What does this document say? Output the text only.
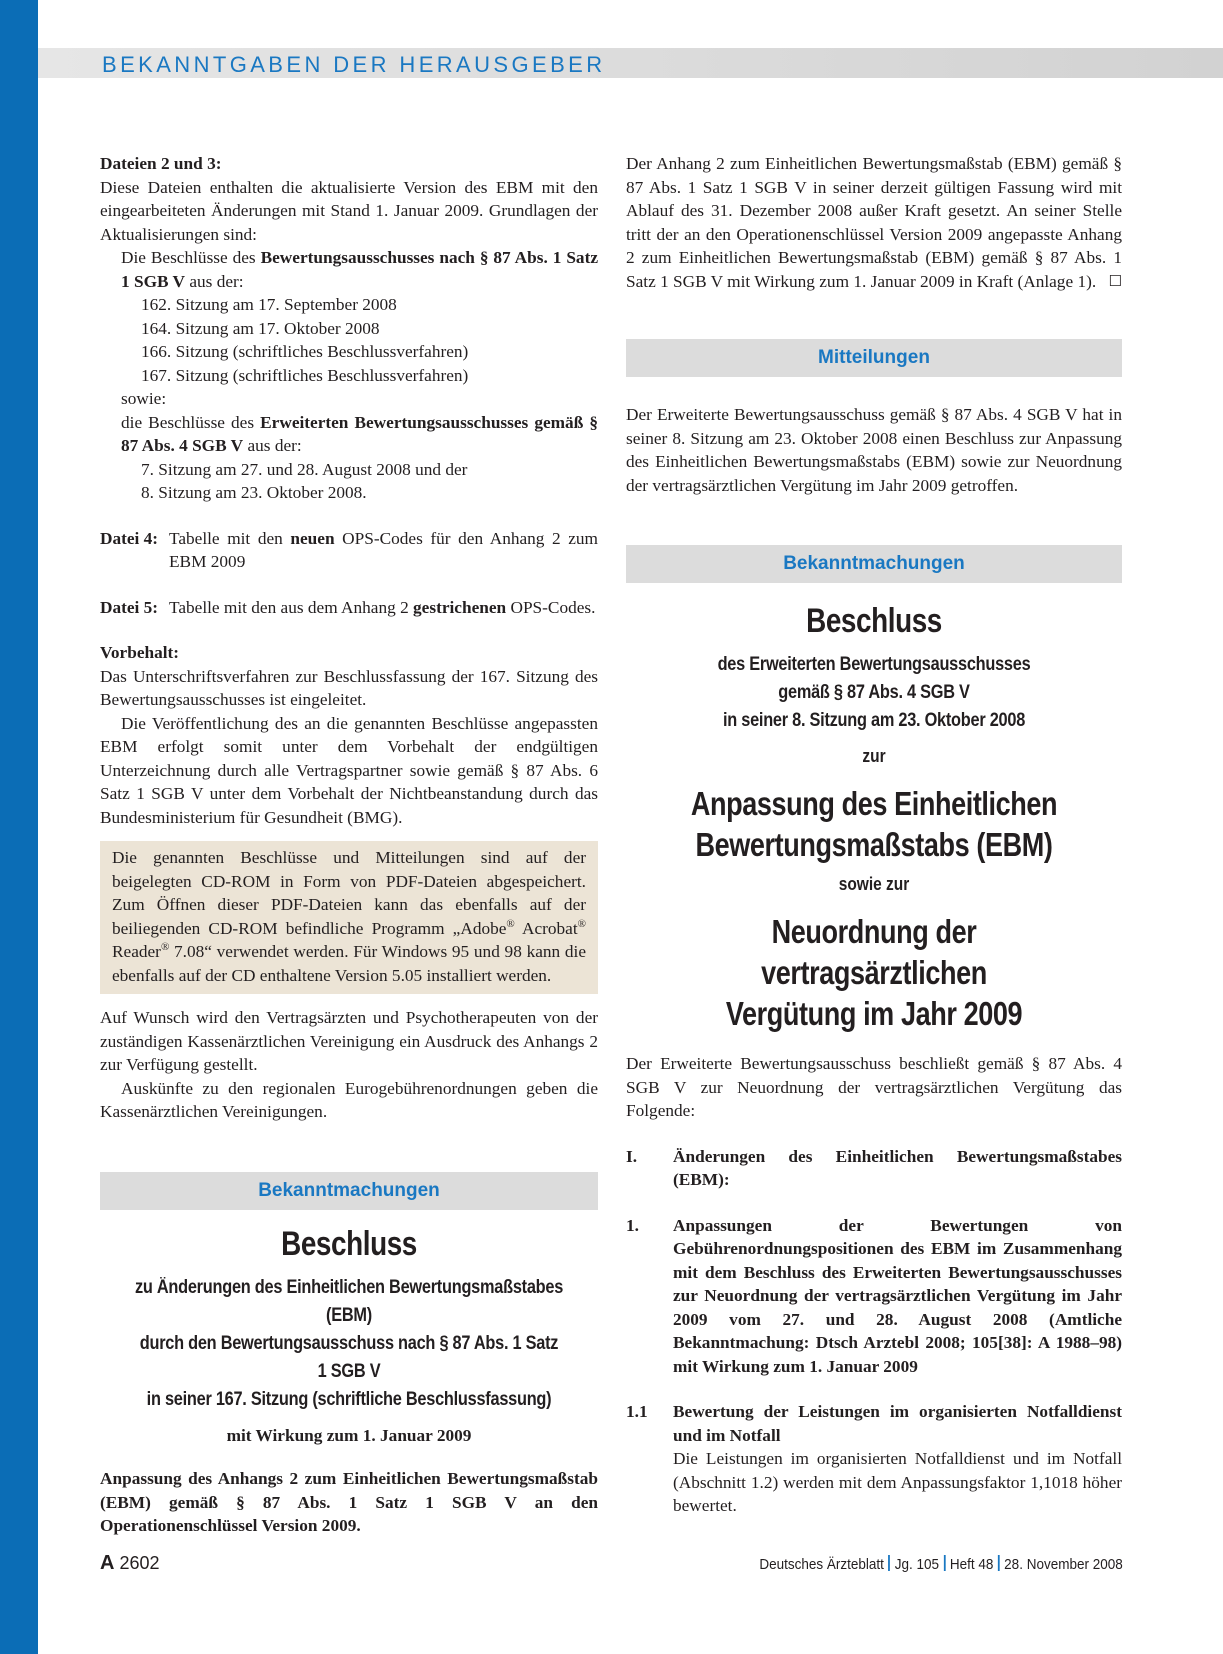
BEKANNTGABEN DER HERAUSGEBER

Dateien 2 und 3:

Diese Dateien enthalten die aktualisierte Version des EBM mit den eingearbeiteten Änderungen mit Stand 1. Januar 2009. Grundlagen der Aktualisierungen sind:

Die Beschlüsse des Bewertungsausschusses nach § 87 Abs. 1 Satz 1 SGB V aus der:

162. Sitzung am 17. September 2008

164. Sitzung am 17. Oktober 2008

166. Sitzung (schriftliches Beschlussverfahren)

167. Sitzung (schriftliches Beschlussverfahren)

sowie:

die Beschlüsse des Erweiterten Bewertungsausschusses gemäß § 87 Abs. 4 SGB V aus der:

7. Sitzung am 27. und 28. August 2008 und der

8. Sitzung am 23. Oktober 2008.

Datei 4: Tabelle mit den neuen OPS-Codes für den Anhang 2 zum EBM 2009
Datei 5: Tabelle mit den aus dem Anhang 2 gestrichenen OPS-Codes.

Vorbehalt:

Das Unterschriftsverfahren zur Beschlussfassung der 167. Sitzung des Bewertungsausschusses ist eingeleitet.

Die Veröffentlichung des an die genannten Beschlüsse angepassten EBM erfolgt somit unter dem Vorbehalt der endgültigen Unterzeichnung durch alle Vertragspartner sowie gemäß § 87 Abs. 6 Satz 1 SGB V unter dem Vorbehalt der Nichtbeanstandung durch das Bundesministerium für Gesundheit (BMG).

Die genannten Beschlüsse und Mitteilungen sind auf der beigelegten CD-ROM in Form von PDF-Dateien abgespeichert. Zum Öffnen dieser PDF-Dateien kann das ebenfalls auf der beiliegenden CD-ROM befindliche Programm „Adobe® Acrobat® Reader® 7.08“ verwendet werden. Für Windows 95 und 98 kann die ebenfalls auf der CD enthaltene Version 5.05 installiert werden.

Auf Wunsch wird den Vertragsärzten und Psychotherapeuten von der zuständigen Kassenärztlichen Vereinigung ein Ausdruck des Anhangs 2 zur Verfügung gestellt.

Auskünfte zu den regionalen Eurogebührenordnungen geben die Kassenärztlichen Vereinigungen.

Bekanntmachungen
Beschluss
zu Änderungen des Einheitlichen Bewertungsmaßstabes (EBM)
durch den Bewertungsausschuss nach § 87 Abs. 1 Satz 1 SGB V
in seiner 167. Sitzung (schriftliche Beschlussfassung)

mit Wirkung zum 1. Januar 2009

Anpassung des Anhangs 2 zum Einheitlichen Bewertungsmaßstab (EBM) gemäß § 87 Abs. 1 Satz 1 SGB V an den Operationenschlüssel Version 2009.

Der Anhang 2 zum Einheitlichen Bewertungsmaßstab (EBM) gemäß § 87 Abs. 1 Satz 1 SGB V in seiner derzeit gültigen Fassung wird mit Ablauf des 31. Dezember 2008 außer Kraft gesetzt. An seiner Stelle tritt der an den Operationenschlüssel Version 2009 angepasste Anhang 2 zum Einheitlichen Bewertungsmaßstab (EBM) gemäß § 87 Abs. 1 Satz 1 SGB V mit Wirkung zum 1. Januar 2009 in Kraft (Anlage 1). ☐

Mitteilungen

Der Erweiterte Bewertungsausschuss gemäß § 87 Abs. 4 SGB V hat in seiner 8. Sitzung am 23. Oktober 2008 einen Beschluss zur Anpassung des Einheitlichen Bewertungsmaßstabs (EBM) sowie zur Neuordnung der vertragsärztlichen Vergütung im Jahr 2009 getroffen.

Bekanntmachungen
Beschluss
des Erweiterten Bewertungsausschusses
gemäß § 87 Abs. 4 SGB V
in seiner 8. Sitzung am 23. Oktober 2008
zur
Anpassung des Einheitlichen
Bewertungsmaßstabs (EBM)
sowie zur
Neuordnung der vertragsärztlichen
Vergütung im Jahr 2009

Der Erweiterte Bewertungsausschuss beschließt gemäß § 87 Abs. 4 SGB V zur Neuordnung der vertragsärztlichen Vergütung das Folgende:

I.	Änderungen des Einheitlichen Bewertungsmaßstabes (EBM):
1.	Anpassungen der Bewertungen von Gebührenordnungspositionen des EBM im Zusammenhang mit dem Beschluss des Erweiterten Bewertungsausschusses zur Neuordnung der vertragsärztlichen Vergütung im Jahr 2009 vom 27. und 28. August 2008 (Amtliche Bekanntmachung: Dtsch Arztebl 2008; 105[38]: A 1988–98) mit Wirkung zum 1. Januar 2009
1.1	Bewertung der Leistungen im organisierten Notfalldienst und im Notfall
Die Leistungen im organisierten Notfalldienst und im Notfall (Abschnitt 1.2) werden mit dem Anpassungsfaktor 1,1018 höher bewertet.
A 2602	Deutsches Ärzteblatt Jg. 105 Heft 48 28. November 2008
